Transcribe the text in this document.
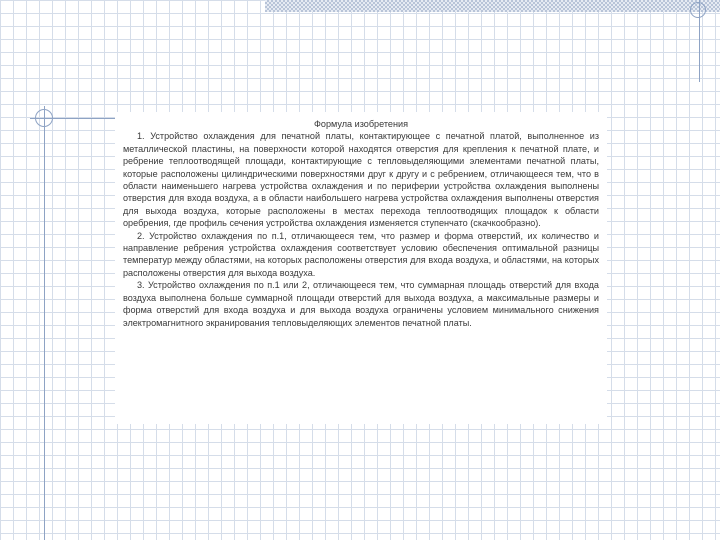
Формула изобретения

1. Устройство охлаждения для печатной платы, контактирующее с печатной платой, выполненное из металлической пластины, на поверхности которой находятся отверстия для крепления к печатной плате, и ребрение теплоотводящей площади, контактирующие с тепловыделяющими элементами печатной платы, которые расположены цилиндрическими поверхностями друг к другу и с ребрением, отличающееся тем, что в области наименьшего нагрева устройства охлаждения и по периферии устройства охлаждения выполнены отверстия для входа воздуха, а в области наибольшего нагрева устройства охлаждения выполнены отверстия для выхода воздуха, которые расположены в местах перехода теплоотводящих площадок к области оребрения, где профиль сечения устройства охлаждения изменяется ступенчато (скачкообразно).

2. Устройство охлаждения по п.1, отличающееся тем, что размер и форма отверстий, их количество и направление ребрения устройства охлаждения соответствует условию обеспечения оптимальной разницы температур между областями, на которых расположены отверстия для входа воздуха, и областями, на которых расположены отверстия для выхода воздуха.

3. Устройство охлаждения по п.1 или 2, отличающееся тем, что суммарная площадь отверстий для входа воздуха выполнена больше суммарной площади отверстий для выхода воздуха, а максимальные размеры и форма отверстий для входа воздуха и для выхода воздуха ограничены условием минимального снижения электромагнитного экранирования тепловыделяющих элементов печатной платы.
